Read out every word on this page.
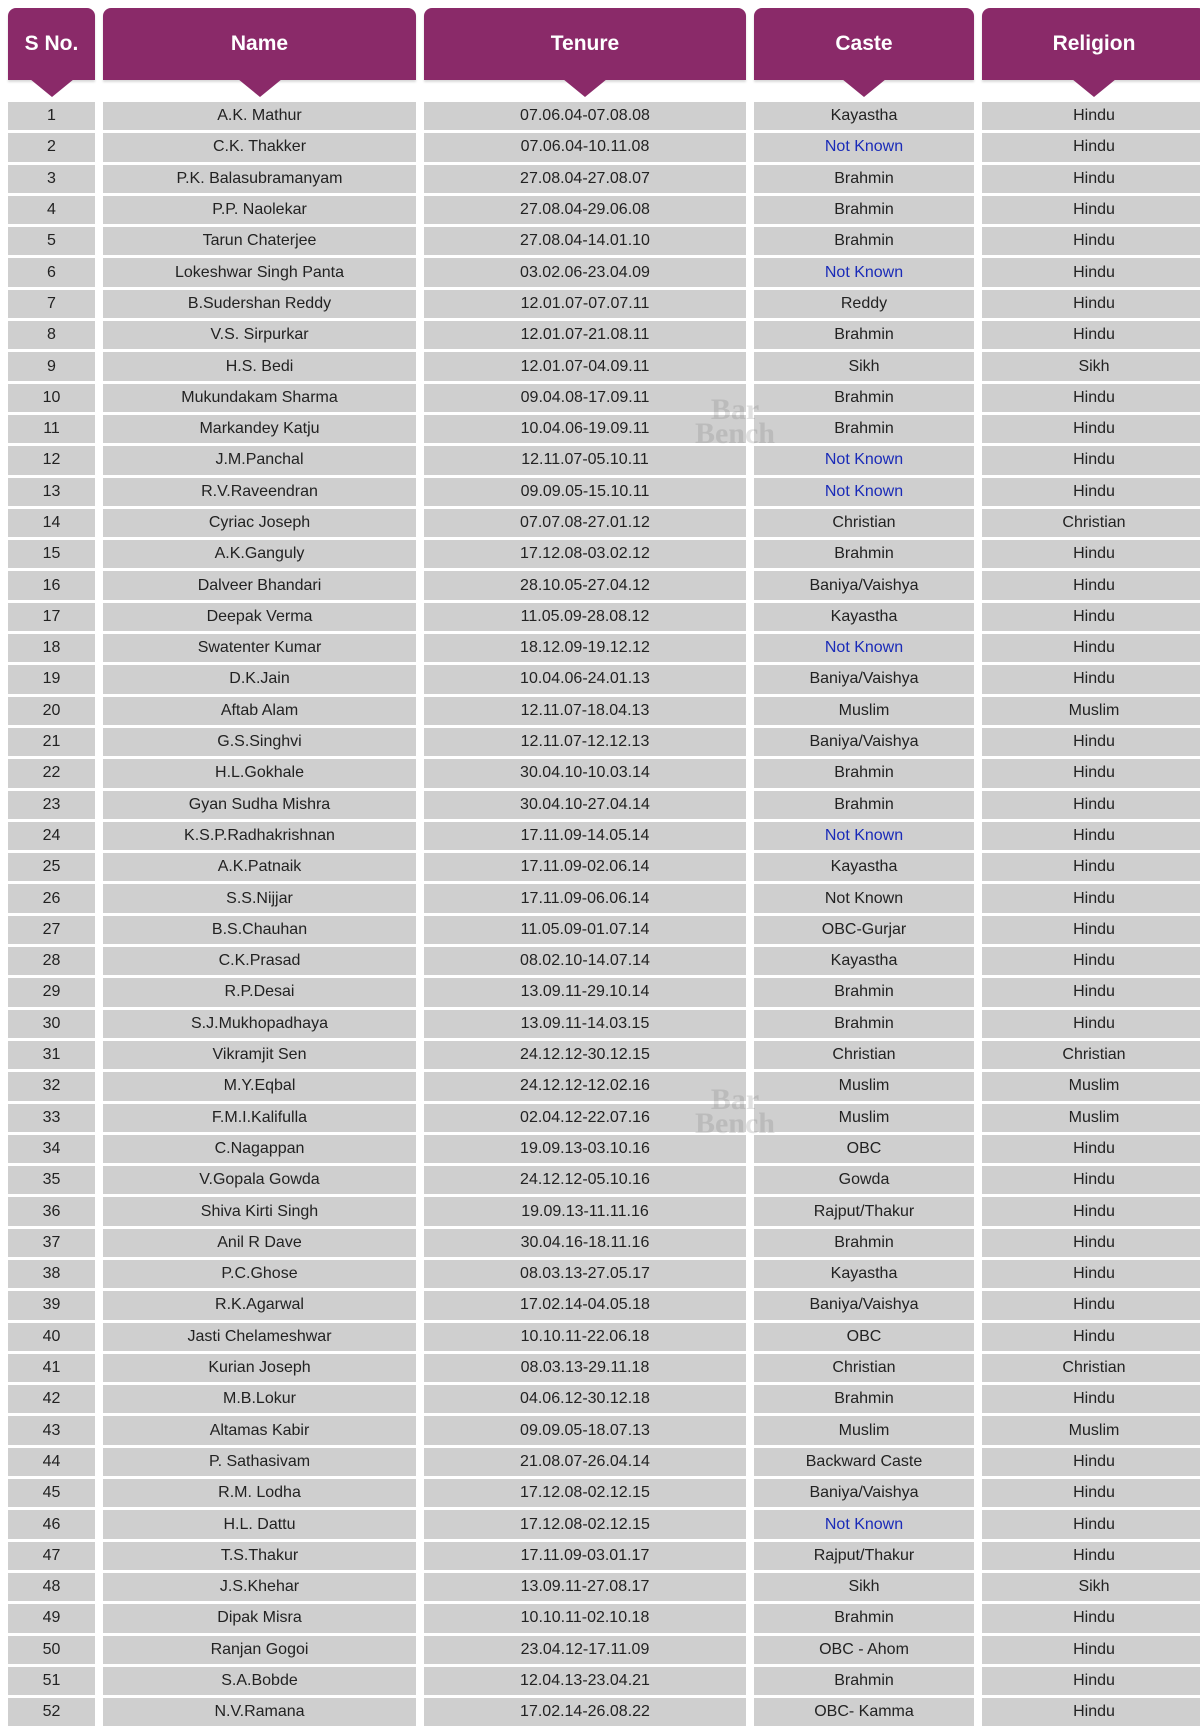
S No.
1
2
3
4
5
6
7
8
9
10
11
12
13
14
15
16
17
18
19
20
21
22
23
24
25
26
27
28
29
30
31
32
33
34
35
36
37
38
39
40
41
42
43
44
45
46
47
48
49
50
51
52
Name
A.K. Mathur
C.K. Thakker
P.K. Balasubramanyam
P.P. Naolekar
Tarun Chaterjee
Lokeshwar Singh Panta
B.Sudershan Reddy
V.S. Sirpurkar
H.S. Bedi
Mukundakam Sharma
Markandey Katju
J.M.Panchal
R.V.Raveendran
Cyriac Joseph
A.K.Ganguly
Dalveer Bhandari
Deepak Verma
Swatenter Kumar
D.K.Jain
Aftab Alam
G.S.Singhvi
H.L.Gokhale
Gyan Sudha Mishra
K.S.P.Radhakrishnan
A.K.Patnaik
S.S.Nijjar
B.S.Chauhan
C.K.Prasad
R.P.Desai
S.J.Mukhopadhaya
Vikramjit Sen
M.Y.Eqbal
F.M.I.Kalifulla
C.Nagappan
V.Gopala Gowda
Shiva Kirti Singh
Anil R Dave
P.C.Ghose
R.K.Agarwal
Jasti Chelameshwar
Kurian Joseph
M.B.Lokur
Altamas Kabir
P. Sathasivam
R.M. Lodha
H.L. Dattu
T.S.Thakur
J.S.Khehar
Dipak Misra
Ranjan Gogoi
S.A.Bobde
N.V.Ramana
Tenure
07.06.04-07.08.08
07.06.04-10.11.08
27.08.04-27.08.07
27.08.04-29.06.08
27.08.04-14.01.10
03.02.06-23.04.09
12.01.07-07.07.11
12.01.07-21.08.11
12.01.07-04.09.11
09.04.08-17.09.11
10.04.06-19.09.11
12.11.07-05.10.11
09.09.05-15.10.11
07.07.08-27.01.12
17.12.08-03.02.12
28.10.05-27.04.12
11.05.09-28.08.12
18.12.09-19.12.12
10.04.06-24.01.13
12.11.07-18.04.13
12.11.07-12.12.13
30.04.10-10.03.14
30.04.10-27.04.14
17.11.09-14.05.14
17.11.09-02.06.14
17.11.09-06.06.14
11.05.09-01.07.14
08.02.10-14.07.14
13.09.11-29.10.14
13.09.11-14.03.15
24.12.12-30.12.15
24.12.12-12.02.16
02.04.12-22.07.16
19.09.13-03.10.16
24.12.12-05.10.16
19.09.13-11.11.16
30.04.16-18.11.16
08.03.13-27.05.17
17.02.14-04.05.18
10.10.11-22.06.18
08.03.13-29.11.18
04.06.12-30.12.18
09.09.05-18.07.13
21.08.07-26.04.14
17.12.08-02.12.15
17.12.08-02.12.15
17.11.09-03.01.17
13.09.11-27.08.17
10.10.11-02.10.18
23.04.12-17.11.09
12.04.13-23.04.21
17.02.14-26.08.22
Caste
Kayastha
Not Known
Brahmin
Brahmin
Brahmin
Not Known
Reddy
Brahmin
Sikh
Brahmin
Brahmin
Not Known
Not Known
Christian
Brahmin
Baniya/Vaishya
Kayastha
Not Known
Baniya/Vaishya
Muslim
Baniya/Vaishya
Brahmin
Brahmin
Not Known
Kayastha
Not Known
OBC-Gurjar
Kayastha
Brahmin
Brahmin
Christian
Muslim
Muslim
OBC
Gowda
Rajput/Thakur
Brahmin
Kayastha
Baniya/Vaishya
OBC
Christian
Brahmin
Muslim
Backward Caste
Baniya/Vaishya
Not Known
Rajput/Thakur
Sikh
Brahmin
OBC - Ahom
Brahmin
OBC- Kamma
Religion
Hindu
Hindu
Hindu
Hindu
Hindu
Hindu
Hindu
Hindu
Sikh
Hindu
Hindu
Hindu
Hindu
Christian
Hindu
Hindu
Hindu
Hindu
Hindu
Muslim
Hindu
Hindu
Hindu
Hindu
Hindu
Hindu
Hindu
Hindu
Hindu
Hindu
Christian
Muslim
Muslim
Hindu
Hindu
Hindu
Hindu
Hindu
Hindu
Hindu
Christian
Hindu
Muslim
Hindu
Hindu
Hindu
Hindu
Sikh
Hindu
Hindu
Hindu
Hindu
Bar
Bench
Bar
Bench
